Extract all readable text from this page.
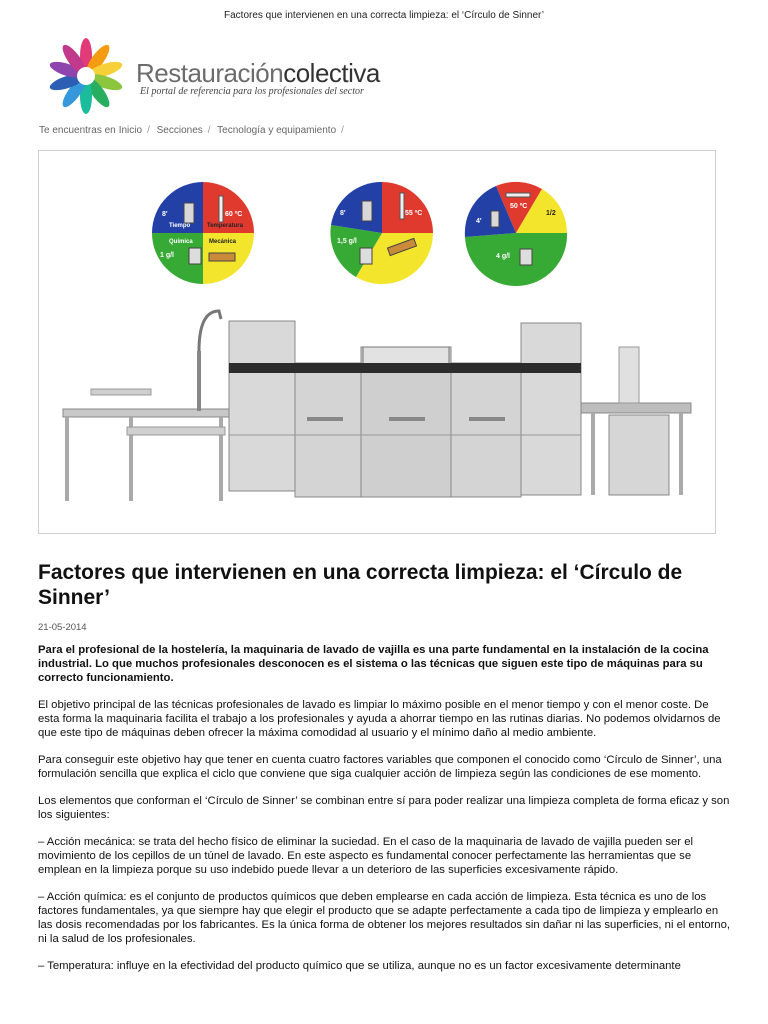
Factores que intervienen en una correcta limpieza: el ‘Círculo de Sinner’
Restauracióncolectiva
El portal de referencia para los profesionales del sector
Te encuentras en Inicio / Secciones / Tecnología y equipamiento /
Tiempo	Temperatura
Química	Mecánica
8'	60 ºC
1 g/l
8'	55 ºC
1,5 g/l
4'
50 ºC
1/2
4 g/l
Factores que intervienen en una correcta limpieza: el ‘Círculo de Sinner’
21-05-2014

Para el profesional de la hostelería, la maquinaria de lavado de vajilla es una parte fundamental en la instalación de la cocina industrial. Lo que muchos profesionales desconocen es el sistema o las técnicas que siguen este tipo de máquinas para su correcto funcionamiento.

El objetivo principal de las técnicas profesionales de lavado es limpiar lo máximo posible en el menor tiempo y con el menor coste. De esta forma la maquinaria facilita el trabajo a los profesionales y ayuda a ahorrar tiempo en las rutinas diarias. No podemos olvidarnos de que este tipo de máquinas deben ofrecer la máxima comodidad al usuario y el mínimo daño al medio ambiente.

Para conseguir este objetivo hay que tener en cuenta cuatro factores variables que componen el conocido como ‘Círculo de Sinner’, una formulación sencilla que explica el ciclo que conviene que siga cualquier acción de limpieza según las condiciones de ese momento.

Los elementos que conforman el ‘Círculo de Sinner’ se combinan entre sí para poder realizar una limpieza completa de forma eficaz y son los siguientes:

– Acción mecánica: se trata del hecho físico de eliminar la suciedad. En el caso de la maquinaria de lavado de vajilla pueden ser el movimiento de los cepillos de un túnel de lavado. En este aspecto es fundamental conocer perfectamente las herramientas que se emplean en la limpieza porque su uso indebido puede llevar a un deterioro de las superficies excesivamente rápido.

– Acción química: es el conjunto de productos químicos que deben emplearse en cada acción de limpieza. Esta técnica es uno de los factores fundamentales, ya que siempre hay que elegir el producto que se adapte perfectamente a cada tipo de limpieza y emplearlo en las dosis recomendadas por los fabricantes. Es la única forma de obtener los mejores resultados sin dañar ni las superficies, ni el entorno, ni la salud de los profesionales.

– Temperatura: influye en la efectividad del producto químico que se utiliza, aunque no es un factor excesivamente determinante
